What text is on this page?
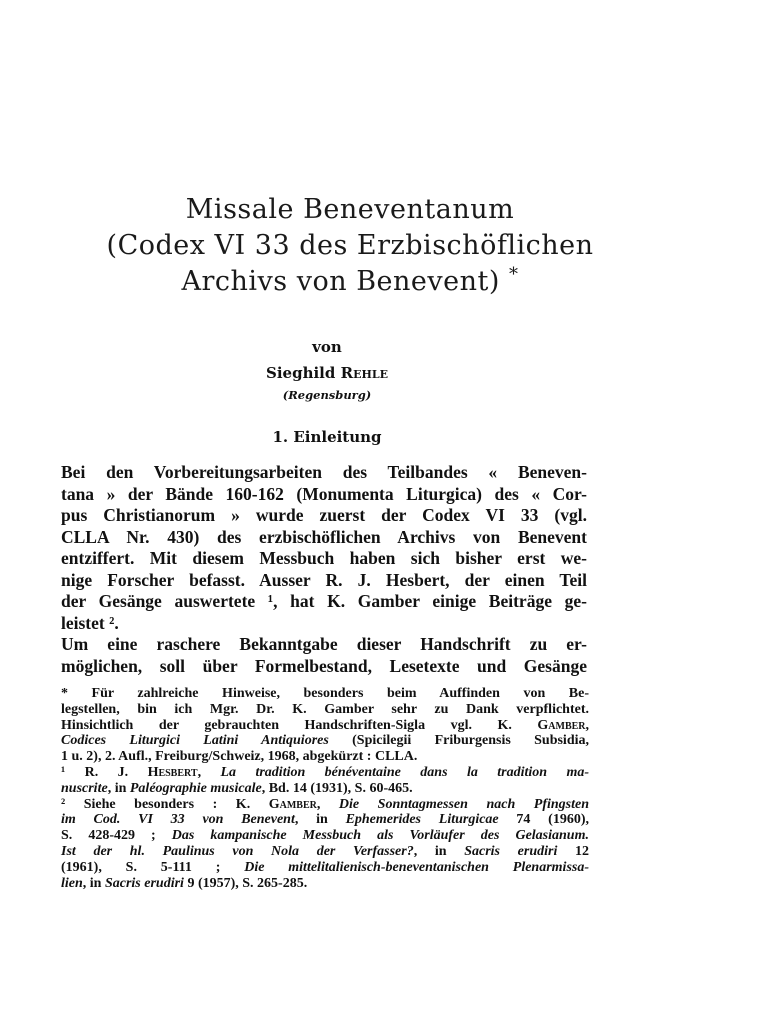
Missale Beneventanum
(Codex VI 33 des Erzbischöflichen
Archivs von Benevent) *
von
Sieghild Rehle
(Regensburg)
1. Einleitung
Bei den Vorbereitungsarbeiten des Teilbandes « Beneven-
tana » der Bände 160-162 (Monumenta Liturgica) des « Cor-
pus Christianorum » wurde zuerst der Codex VI 33 (vgl.
CLLA Nr. 430) des erzbischöflichen Archivs von Benevent
entziffert. Mit diesem Messbuch haben sich bisher erst we-
nige Forscher befasst. Ausser R. J. Hesbert, der einen Teil
der Gesänge auswertete ¹, hat K. Gamber einige Beiträge ge-
leistet ².
Um eine raschere Bekanntgabe dieser Handschrift zu er-
möglichen, soll über Formelbestand, Lesetexte und Gesänge
* Für zahlreiche Hinweise, besonders beim Auffinden von Be-
legstellen, bin ich Mgr. Dr. K. Gamber sehr zu Dank verpflichtet.
Hinsichtlich der gebrauchten Handschriften-Sigla vgl. K. Gamber,
Codices Liturgici Latini Antiquiores (Spicilegii Friburgensis Subsidia,
1 u. 2), 2. Aufl., Freiburg/Schweiz, 1968, abgekürzt : CLLA.
¹ R. J. Hesbert, La tradition bénéventaine dans la tradition ma-
nuscrite, in Paléographie musicale, Bd. 14 (1931), S. 60-465.
² Siehe besonders : K. Gamber, Die Sonntagmessen nach Pfingsten
im Cod. VI 33 von Benevent, in Ephemerides Liturgicae 74 (1960),
S. 428-429 ; Das kampanische Messbuch als Vorläufer des Gelasianum.
Ist der hl. Paulinus von Nola der Verfasser?, in Sacris erudiri 12
(1961), S. 5-111 ; Die mittelitalienisch-beneventanischen Plenarmissa-
lien, in Sacris erudiri 9 (1957), S. 265-285.
